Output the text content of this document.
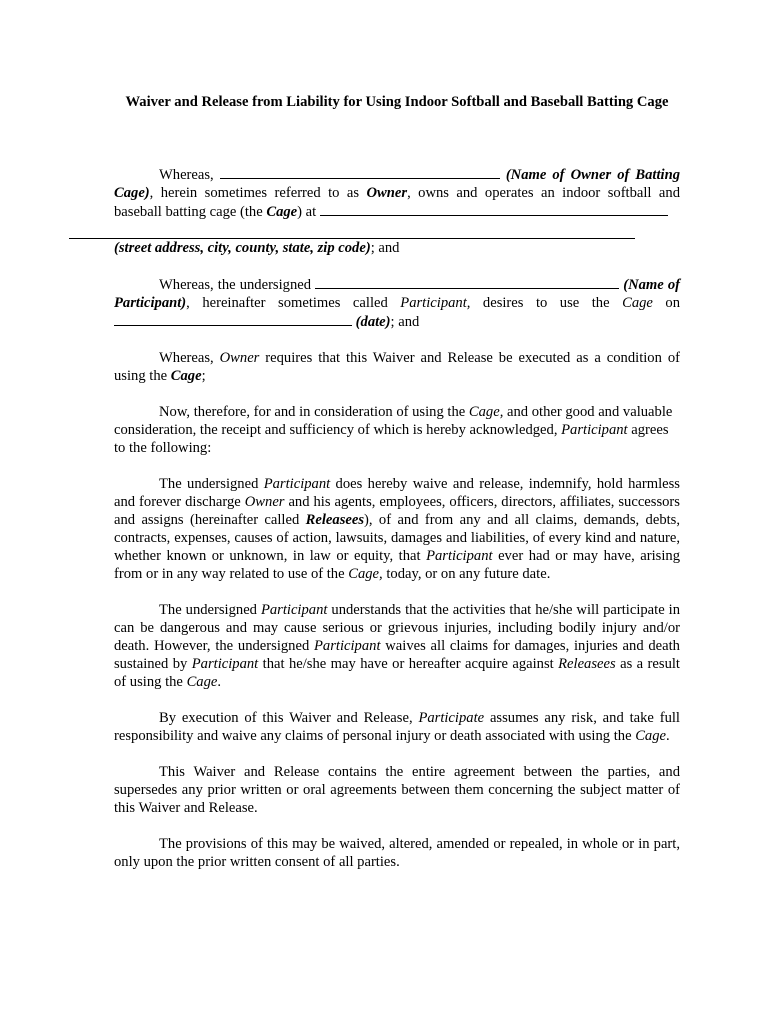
Waiver and Release from Liability for Using Indoor Softball and Baseball Batting Cage

Whereas,	(Name of Owner of Batting Cage), herein sometimes referred to as Owner, owns and operates an indoor softball and baseball batting cage (the Cage) at
(street address, city, county, state, zip code); and

Whereas, the undersigned	(Name of Participant), hereinafter sometimes called Participant, desires to use the Cage on  (date); and

Whereas, Owner requires that this Waiver and Release be executed as a condition of using the Cage;

Now, therefore, for and in consideration of using the Cage, and other good and valuable consideration, the receipt and sufficiency of which is hereby acknowledged, Participant agrees to the following:

The undersigned Participant does hereby waive and release, indemnify, hold harmless and forever discharge Owner and his agents, employees, officers, directors, affiliates, successors and assigns (hereinafter called Releasees), of and from any and all claims, demands, debts, contracts, expenses, causes of action, lawsuits, damages and liabilities, of every kind and nature, whether known or unknown, in law or equity, that Participant ever had or may have, arising from or in any way related to use of the Cage, today, or on any future date.

The undersigned Participant understands that the activities that he/she will participate in can be dangerous and may cause serious or grievous injuries, including bodily injury and/or death. However, the undersigned Participant waives all claims for damages, injuries and death sustained by Participant that he/she may have or hereafter acquire against Releasees as a result of using the Cage.

By execution of this Waiver and Release, Participate assumes any risk, and take full responsibility and waive any claims of personal injury or death associated with using the Cage.

This Waiver and Release contains the entire agreement between the parties, and supersedes any prior written or oral agreements between them concerning the subject matter of this Waiver and Release.

The provisions of this may be waived, altered, amended or repealed, in whole or in part, only upon the prior written consent of all parties.
